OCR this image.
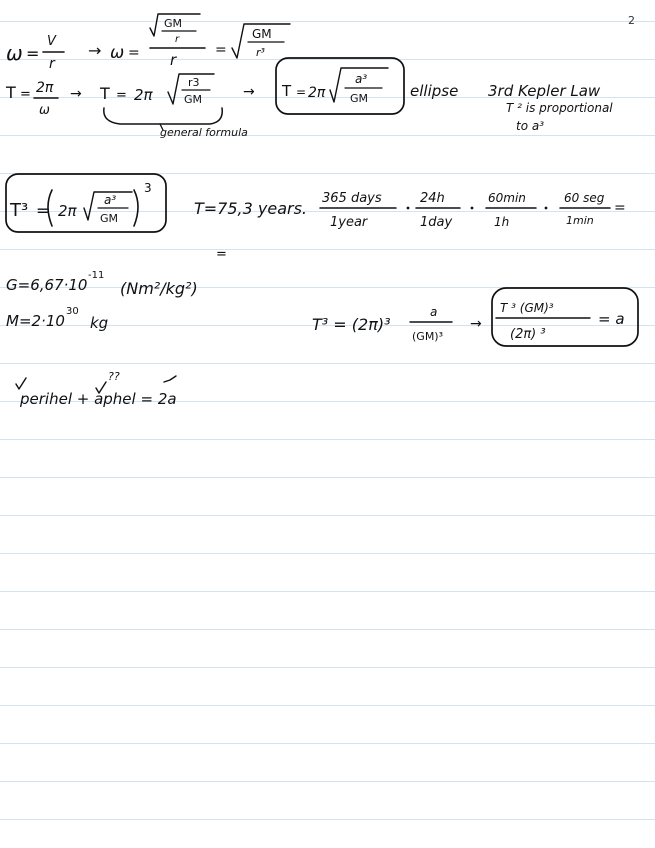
2
ω =
V
r
→ ω =
GM
r
r
=
GM
r³
T = 2π
ω
→ T = 2π
r3
GM
general formula
→ T = 2π
a³
GM	ellipse 3rd Kepler Law
T ² is proportional
to a³
T³ = 2π
a³
GM
3
T=75,3 years.
365 days
1year
24h
1day
60min
1h
60 seg
1min
=
=
G=6,67·10
-11
(Nm²/kg²)
M=2·10
30
kg	T³ = (2π)³
a
(GM)³
→
T ³ (GM)³
(2π) ³
= a
??
perihel + aphel = 2a
